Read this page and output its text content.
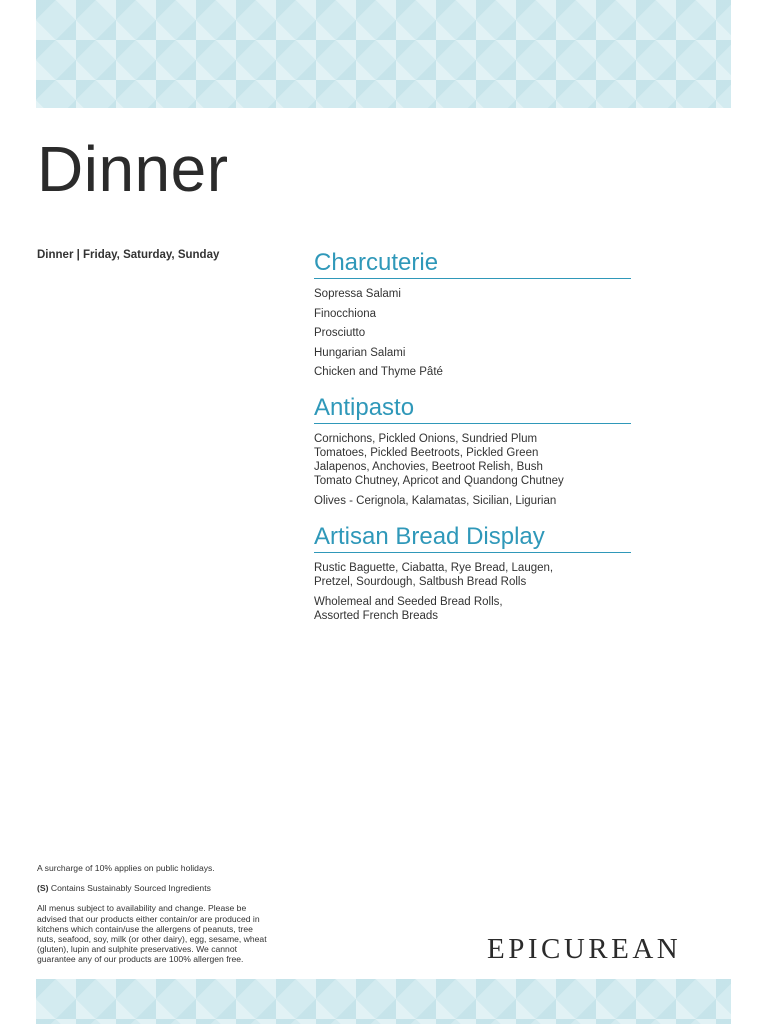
Dinner
Dinner | Friday, Saturday, Sunday	Charcuterie
Sopressa Salami
Finocchiona
Prosciutto
Hungarian Salami
Chicken and Thyme Pâté
Antipasto
Cornichons, Pickled Onions, Sundried Plum Tomatoes, Pickled Beetroots, Pickled Green Jalapenos, Anchovies, Beetroot Relish, Bush Tomato Chutney, Apricot and Quandong Chutney
Olives - Cerignola, Kalamatas, Sicilian, Ligurian
Artisan Bread Display
Rustic Baguette, Ciabatta, Rye Bread, Laugen, Pretzel, Sourdough, Saltbush Bread Rolls
Wholemeal and Seeded Bread Rolls, Assorted French Breads

A surcharge of 10% applies on public holidays.

(S) Contains Sustainably Sourced Ingredients

All menus subject to availability and change. Please be advised that our products either contain/or are produced in kitchens which contain/use the allergens of peanuts, tree nuts, seafood, soy, milk (or other dairy), egg, sesame, wheat (gluten), lupin and sulphite preservatives. We cannot guarantee any of our products are 100% allergen free.	EPICUREAN
